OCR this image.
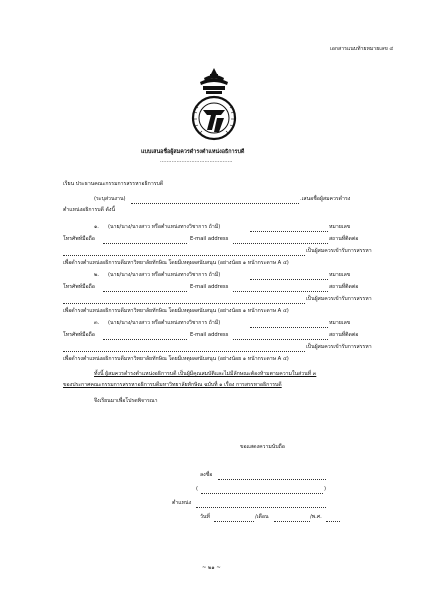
เอกสารแนบท้ายหมายเลข ๔
แบบเสนอชื่อผู้สมควรดำรงตำแหน่งอธิการบดี
............................................
เรียน ประธานคณะกรรมการสรรหาอธิการบดี
(ระบุส่วนงาน)	.เสนอชื่อผู้สมควรดำรง
ตำแหน่งอธิการบดี ดังนี้
๑. (นาย/นาง/นางสาว หรือตำแหน่งทางวิชาการ ถ้ามี)	หมายเลข
โทรศัพท์มือถือ	E-mail address	สถานที่ติดต่อ
เป็นผู้สมควรเข้ารับการสรรหา
เพื่อดำรงตำแหน่งอธิการบดีมหาวิทยาลัยทักษิณ โดยมีเหตุผลสนับสนุน (อย่างน้อย ๑ หน้ากระดาษ A ๔)
๒. (นาย/นาง/นางสาว หรือตำแหน่งทางวิชาการ ถ้ามี)	หมายเลข
โทรศัพท์มือถือ	E-mail address	สถานที่ติดต่อ
เป็นผู้สมควรเข้ารับการสรรหา
เพื่อดำรงตำแหน่งอธิการบดีมหาวิทยาลัยทักษิณ โดยมีเหตุผลสนับสนุน (อย่างน้อย ๑ หน้ากระดาษ A ๔)
๓. (นาย/นาง/นางสาว หรือตำแหน่งทางวิชาการ ถ้ามี)	หมายเลข
โทรศัพท์มือถือ	E-mail address	สถานที่ติดต่อ
เป็นผู้สมควรเข้ารับการสรรหา
เพื่อดำรงตำแหน่งอธิการบดีมหาวิทยาลัยทักษิณ โดยมีเหตุผลสนับสนุน (อย่างน้อย ๑ หน้ากระดาษ A ๔)
ทั้งนี้ ผู้สมควรดำรงตำแหน่งอธิการบดี เป็นผู้มีคุณสมบัติและไม่มีลักษณะต้องห้ามตามความในส่วนที่ ๓
ของประกาศคณะกรรมการสรรหาอธิการบดีมหาวิทยาลัยทักษิณ ฉบับที่ ๑ เรื่อง การสรรหาอธิการบดี
จึงเรียนมาเพื่อโปรดพิจารณา
ขอแสดงความนับถือ
ลงชื่อ
(	)
ตำแหน่ง
วันที่	/เดือน	/พ.ศ.
~ ๒๑ ~
